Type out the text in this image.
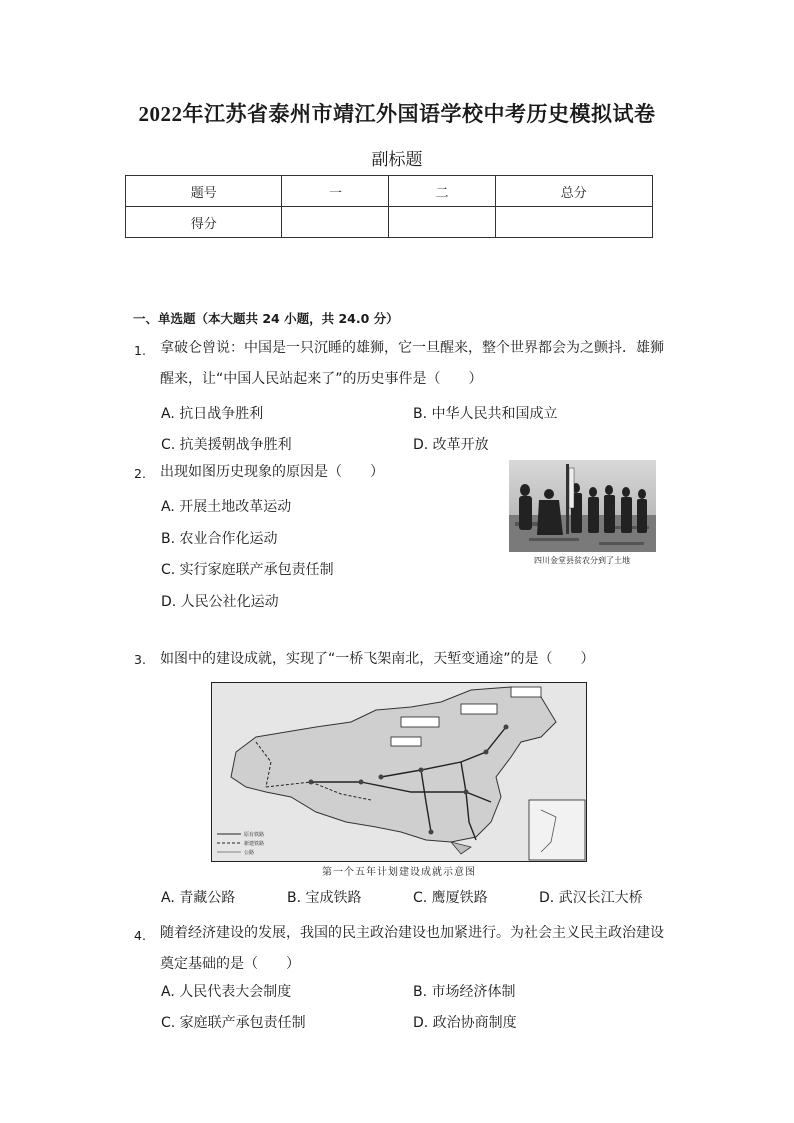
2022年江苏省泰州市靖江外国语学校中考历史模拟试卷
副标题
题号	一	二	总分
得分			
一、单选题（本大题共 24 小题，共 24.0 分）
1. 拿破仑曾说：中国是一只沉睡的雄狮，它一旦醒来，整个世界都会为之颤抖．雄狮
醒来，让“中国人民站起来了”的历史事件是（　　）
A. 抗日战争胜利	B. 中华人民共和国成立
C. 抗美援朝战争胜利	D. 改革开放
2. 出现如图历史现象的原因是（　　）
A. 开展土地改革运动
B. 农业合作化运动
C. 实行家庭联产承包责任制
D. 人民公社化运动
四川金堂县贫农分到了土地
3. 如图中的建设成就，实现了“一桥飞架南北，天堑变通途”的是（　　）
原有铁路
新建铁路
公路
第一个五年计划建设成就示意图
A. 青藏公路	B. 宝成铁路	C. 鹰厦铁路	D. 武汉长江大桥
4. 随着经济建设的发展，我国的民主政治建设也加紧进行。为社会主义民主政治建设
奠定基础的是（　　）
A. 人民代表大会制度	B. 市场经济体制
C. 家庭联产承包责任制	D. 政治协商制度
